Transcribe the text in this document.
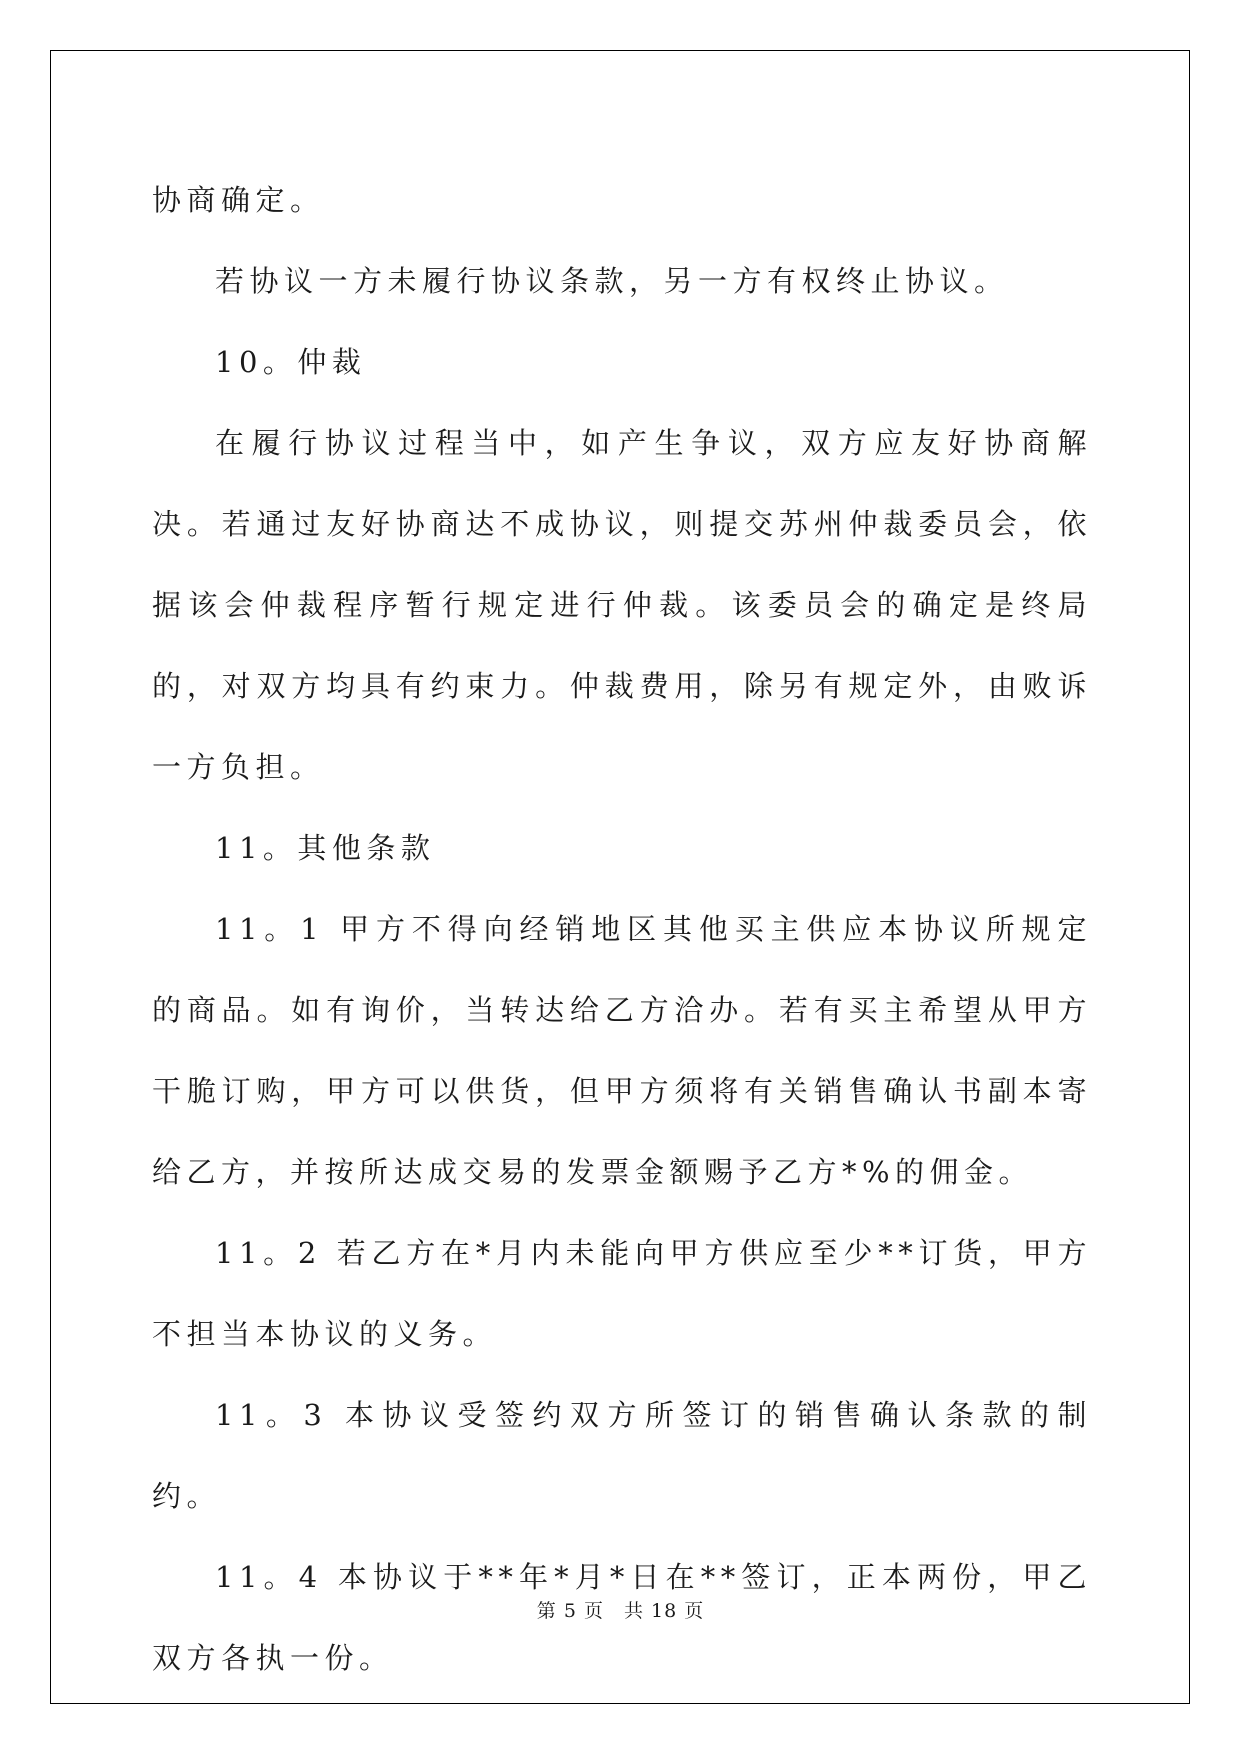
协商确定。

若协议一方未履行协议条款，另一方有权终止协议。

10。仲裁

在履行协议过程当中，如产生争议，双方应友好协商解决。若通过友好协商达不成协议，则提交苏州仲裁委员会，依据该会仲裁程序暂行规定进行仲裁。该委员会的确定是终局的，对双方均具有约束力。仲裁费用，除另有规定外，由败诉一方负担。

11。其他条款

11。1 甲方不得向经销地区其他买主供应本协议所规定的商品。如有询价，当转达给乙方洽办。若有买主希望从甲方干脆订购，甲方可以供货，但甲方须将有关销售确认书副本寄给乙方，并按所达成交易的发票金额赐予乙方*%的佣金。

11。2 若乙方在*月内未能向甲方供应至少**订货，甲方不担当本协议的义务。

11。3 本协议受签约双方所签订的销售确认条款的制约。

11。4 本协议于**年*月*日在**签订，正本两份，甲乙双方各执一份。

第 5 页　共 18 页
